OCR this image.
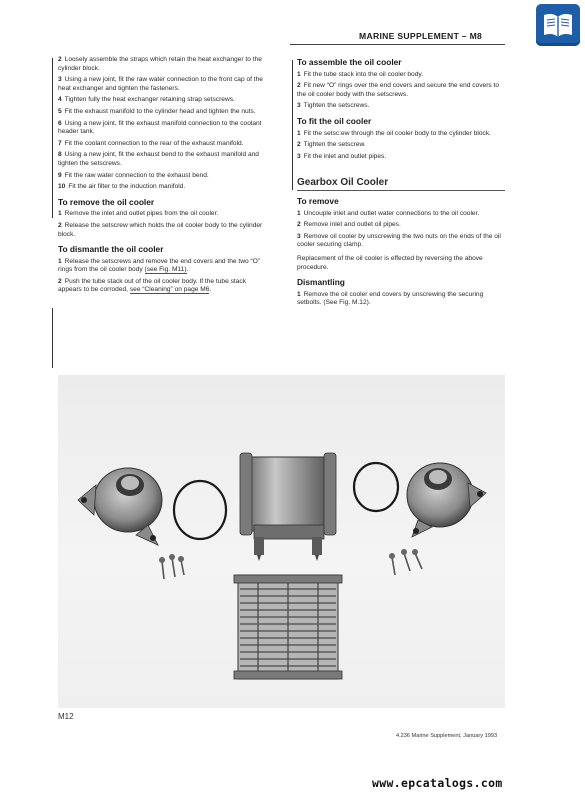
MARINE SUPPLEMENT – M8

2 Loosely assemble the straps which retain the heat exchanger to the cylinder block.

3 Using a new joint, fit the raw water connection to the front cap of the heat exchanger and tighten the fasteners.

4 Tighten fully the heat exchanger retaining strap setscrews.

5 Fit the exhaust manifold to the cylinder head and tighten the nuts.

6 Using a new joint, fit the exhaust manifold connection to the coolant header tank.

7 Fit the coolant connection to the rear of the exhaust manifold.

8 Using a new joint, fit the exhaust bend to the exhaust manifold and tighten the setscrews.

9 Fit the raw water connection to the exhaust bend.

10 Fit the air filter to the induction manifold.

To remove the oil cooler

1 Remove the inlet and outlet pipes from the oil cooler.

2 Release the setscrew which holds the oil cooler body to the cylinder block.

To dismantle the oil cooler

1 Release the setscrews and remove the end covers and the two “O” rings from the oil cooler body (see Fig. M11).

2 Push the tube stack out of the oil cooler body. If the tube stack appears to be corroded, see “Cleaning” on page M6.

To assemble the oil cooler

1 Fit the tube stack into the oil cooler body.

2 Fit new “O” rings over the end covers and secure the end covers to the oil cooler body with the setscrews.

3 Tighten the setscrews.

To fit the oil cooler

1 Fit the setsc:ew through the oil cooler body to the cylinder block.

2 Tighten the setscrew.

3 Fit the inlet and outlet pipes.

Gearbox Oil Cooler
To remove

1 Uncouple inlet and outlet water connections to the oil cooler.

2 Remove inlet and outlet oil pipes.

3 Remove oil cooler by unscrewing the two nuts on the ends of the oil cooler securing clamp.

Replacement of the oil cooler is effected by reversing the above procedure.

Dismantling

1 Remove the oil cooler end covers by unscrewing the securing setbolts. (See Fig. M.12).

M12
4.236 Marine Supplement, January 1993
www.epcatalogs.com
